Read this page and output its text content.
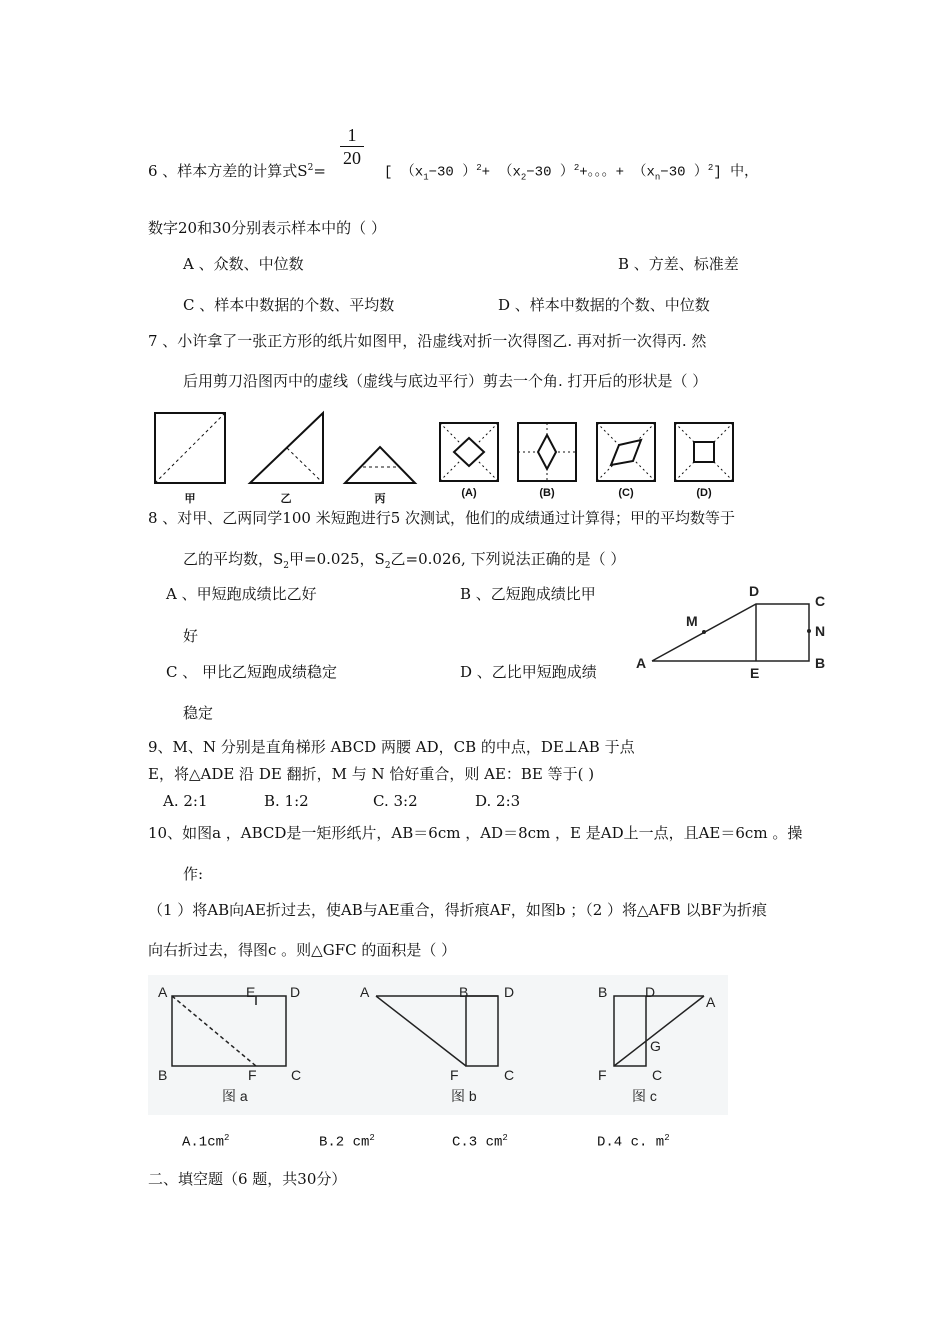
1
20
6 、样本方差的计算式$S^2=$	[ （$x_1-30$ ）$^2+ (x_2-30$ ）$^2$+。。。+ （$x_n-30$ ）$^2$] 中，
数字20和30分别表示样本中的（ ）
A 、众数、中位数	B 、方差、标准差
C 、样本中数据的个数、平均数	D 、样本中数据的个数、中位数
7 、小许拿了一张正方形的纸片如图甲，沿虚线对折一次得图乙. 再对折一次得丙. 然
后用剪刀沿图丙中的虚线（虚线与底边平行）剪去一个角. 打开后的形状是（ ）
甲	乙	丙	(A)	(B)	(C)	(D)
8 、对甲、乙两同学100 米短跑进行5 次测试，他们的成绩通过计算得；甲的平均数等于
乙的平均数，$S_2$甲=0.025，$S_2$乙=0.026, 下列说法正确的是（ ）
A 、甲短跑成绩比乙好	B 、乙短跑成绩比甲
好
C 、 甲比乙短跑成绩稳定	D 、乙比甲短跑成绩
稳定
D
C
M
N
A
E
B
9、M、N 分别是直角梯形 ABCD 两腰 AD，CB 的中点，DE⊥AB 于点
E，将△ADE 沿 DE 翻折，M 与 N 恰好重合，则 AE：BE 等于( )
A. 2:1	B. 1:2	C. 3:2	D. 2:3
10、如图a ，ABCD是一矩形纸片，AB＝6cm ，AD＝8cm ，E 是AD上一点，且AE＝6cm 。操
作:
（1 ）将AB向AE折过去，使AB与AE重合，得折痕AF，如图b ；（2 ）将△AFB 以BF为折痕
向右折过去，得图c 。则△GFC 的面积是（ ）
A	E D
B	F C
图 a
A	B	D
F	C
图 b
B	D
A
G
F	C
图 c
$A.1cm^2$	B.2 $cm^2$	C.3 $cm^2$	D.4 c. $m^2$
二、填空题（6 题，共30分）
